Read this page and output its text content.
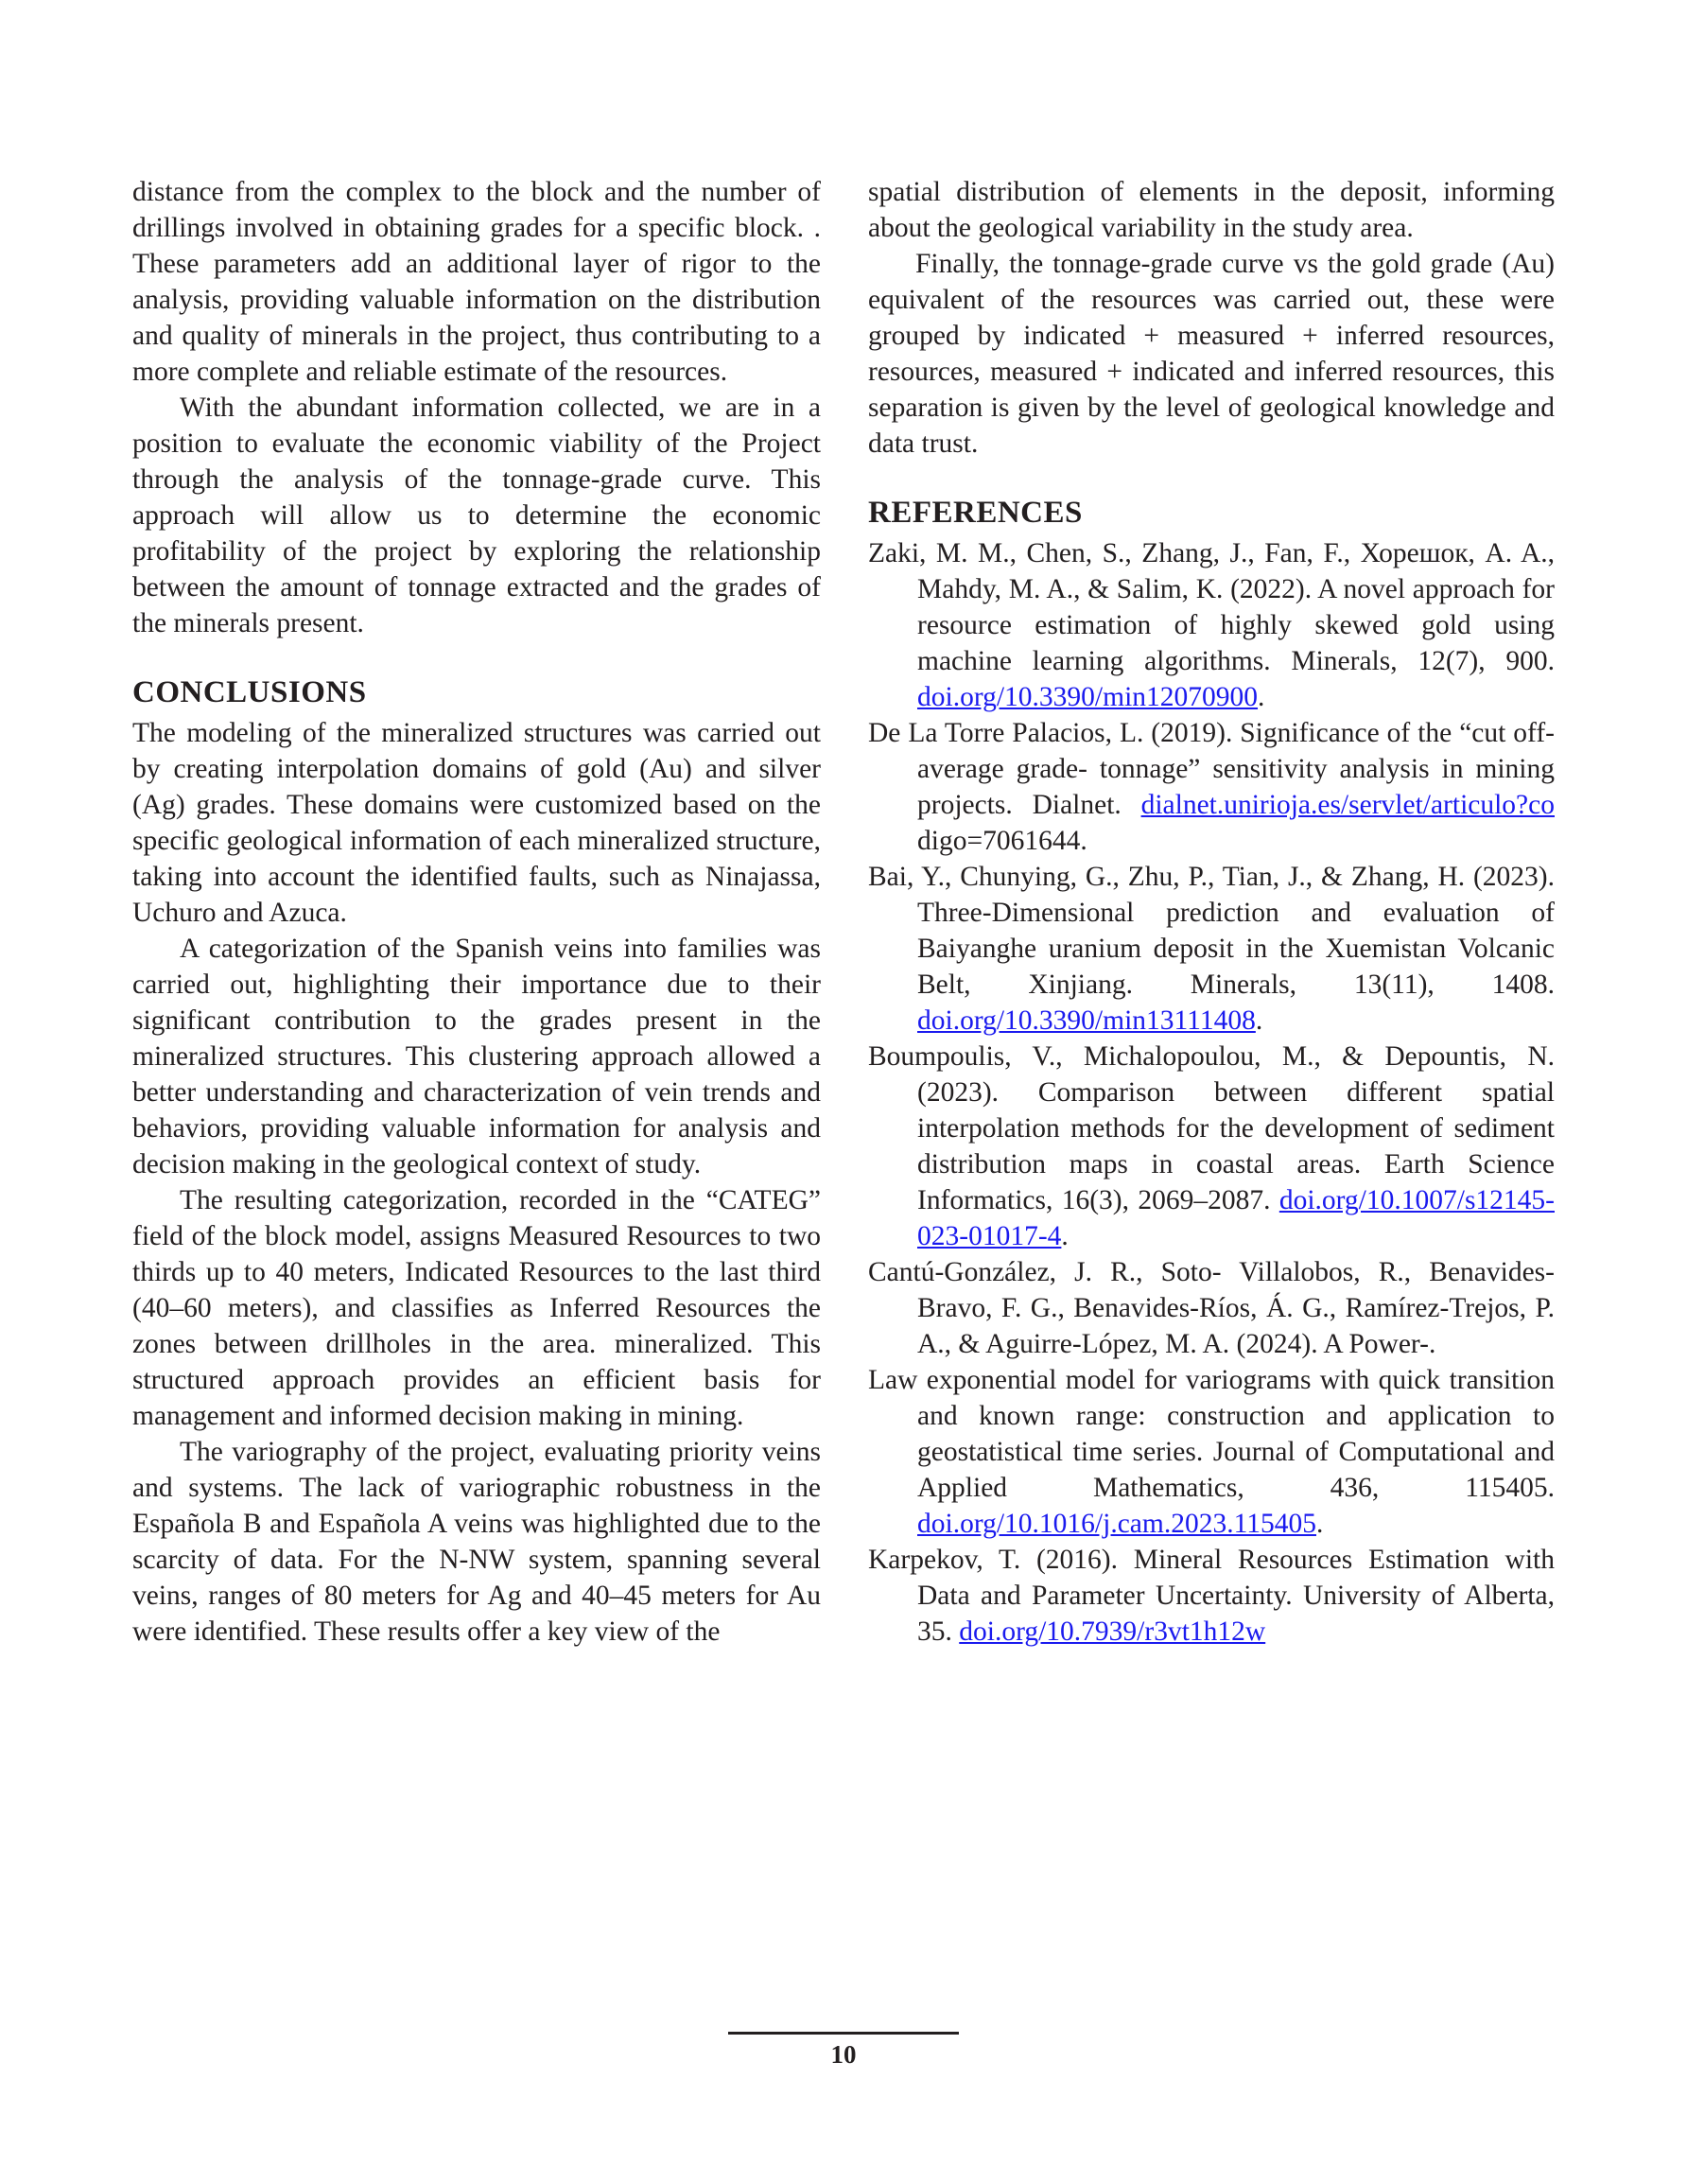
distance from the complex to the block and the number of drillings involved in obtaining grades for a specific block. . These parameters add an additional layer of rigor to the analysis, providing valuable information on the distribution and quality of minerals in the project, thus contributing to a more complete and reliable estimate of the resources.

With the abundant information collected, we are in a position to evaluate the economic viability of the Project through the analysis of the tonnage-grade curve. This approach will allow us to determine the economic profitability of the project by exploring the relationship between the amount of tonnage extracted and the grades of the minerals present.

CONCLUSIONS

The modeling of the mineralized structures was carried out by creating interpolation domains of gold (Au) and silver (Ag) grades. These domains were customized based on the specific geological information of each mineralized structure, taking into account the identified faults, such as Ninajassa, Uchuro and Azuca.

A categorization of the Spanish veins into families was carried out, highlighting their importance due to their significant contribution to the grades present in the mineralized structures. This clustering approach allowed a better understanding and characterization of vein trends and behaviors, providing valuable information for analysis and decision making in the geological context of study.

The resulting categorization, recorded in the “CATEG” field of the block model, assigns Measured Resources to two thirds up to 40 meters, Indicated Resources to the last third (40–60 meters), and classifies as Inferred Resources the zones between drillholes in the area. mineralized. This structured approach provides an efficient basis for management and informed decision making in mining.

The variography of the project, evaluating priority veins and systems. The lack of variographic robustness in the Española B and Española A veins was highlighted due to the scarcity of data. For the N-NW system, spanning several veins, ranges of 80 meters for Ag and 40–45 meters for Au were identified. These results offer a key view of the

spatial distribution of elements in the deposit, informing about the geological variability in the study area.

Finally, the tonnage-grade curve vs the gold grade (Au) equivalent of the resources was carried out, these were grouped by indicated + measured + inferred resources, resources, measured + indicated and inferred resources, this separation is given by the level of geological knowledge and data trust.

REFERENCES

Zaki, M. M., Chen, S., Zhang, J., Fan, F., Хорешок, A. A., Mahdy, M. A., & Salim, K. (2022). A novel approach for resource estimation of highly skewed gold using machine learning algorithms. Minerals, 12(7), 900. doi.org/10.3390/min12070900.

De La Torre Palacios, L. (2019). Significance of the “cut off-average grade- tonnage” sensitivity analysis in mining projects. Dialnet. dialnet.unirioja.es/servlet/articulo?co digo=7061644.

Bai, Y., Chunying, G., Zhu, P., Tian, J., & Zhang, H. (2023). Three-Dimensional prediction and evaluation of Baiyanghe uranium deposit in the Xuemistan Volcanic Belt, Xinjiang. Minerals, 13(11), 1408. doi.org/10.3390/min13111408.

Boumpoulis, V., Michalopoulou, M., & Depountis, N. (2023). Comparison between different spatial interpolation methods for the development of sediment distribution maps in coastal areas. Earth Science Informatics, 16(3), 2069–2087. doi.org/10.1007/s12145-023-01017-4.

Cantú-González, J. R., Soto- Villalobos, R., Benavides-Bravo, F. G., Benavides-Ríos, Á. G., Ramírez-Trejos, P. A., & Aguirre-López, M. A. (2024). A Power-.

Law exponential model for variograms with quick transition and known range: construction and application to geostatistical time series. Journal of Computational and Applied Mathematics, 436, 115405. doi.org/10.1016/j.cam.2023.115405.

Karpekov, T. (2016). Mineral Resources Estimation with Data and Parameter Uncertainty. University of Alberta, 35. doi.org/10.7939/r3vt1h12w

10
